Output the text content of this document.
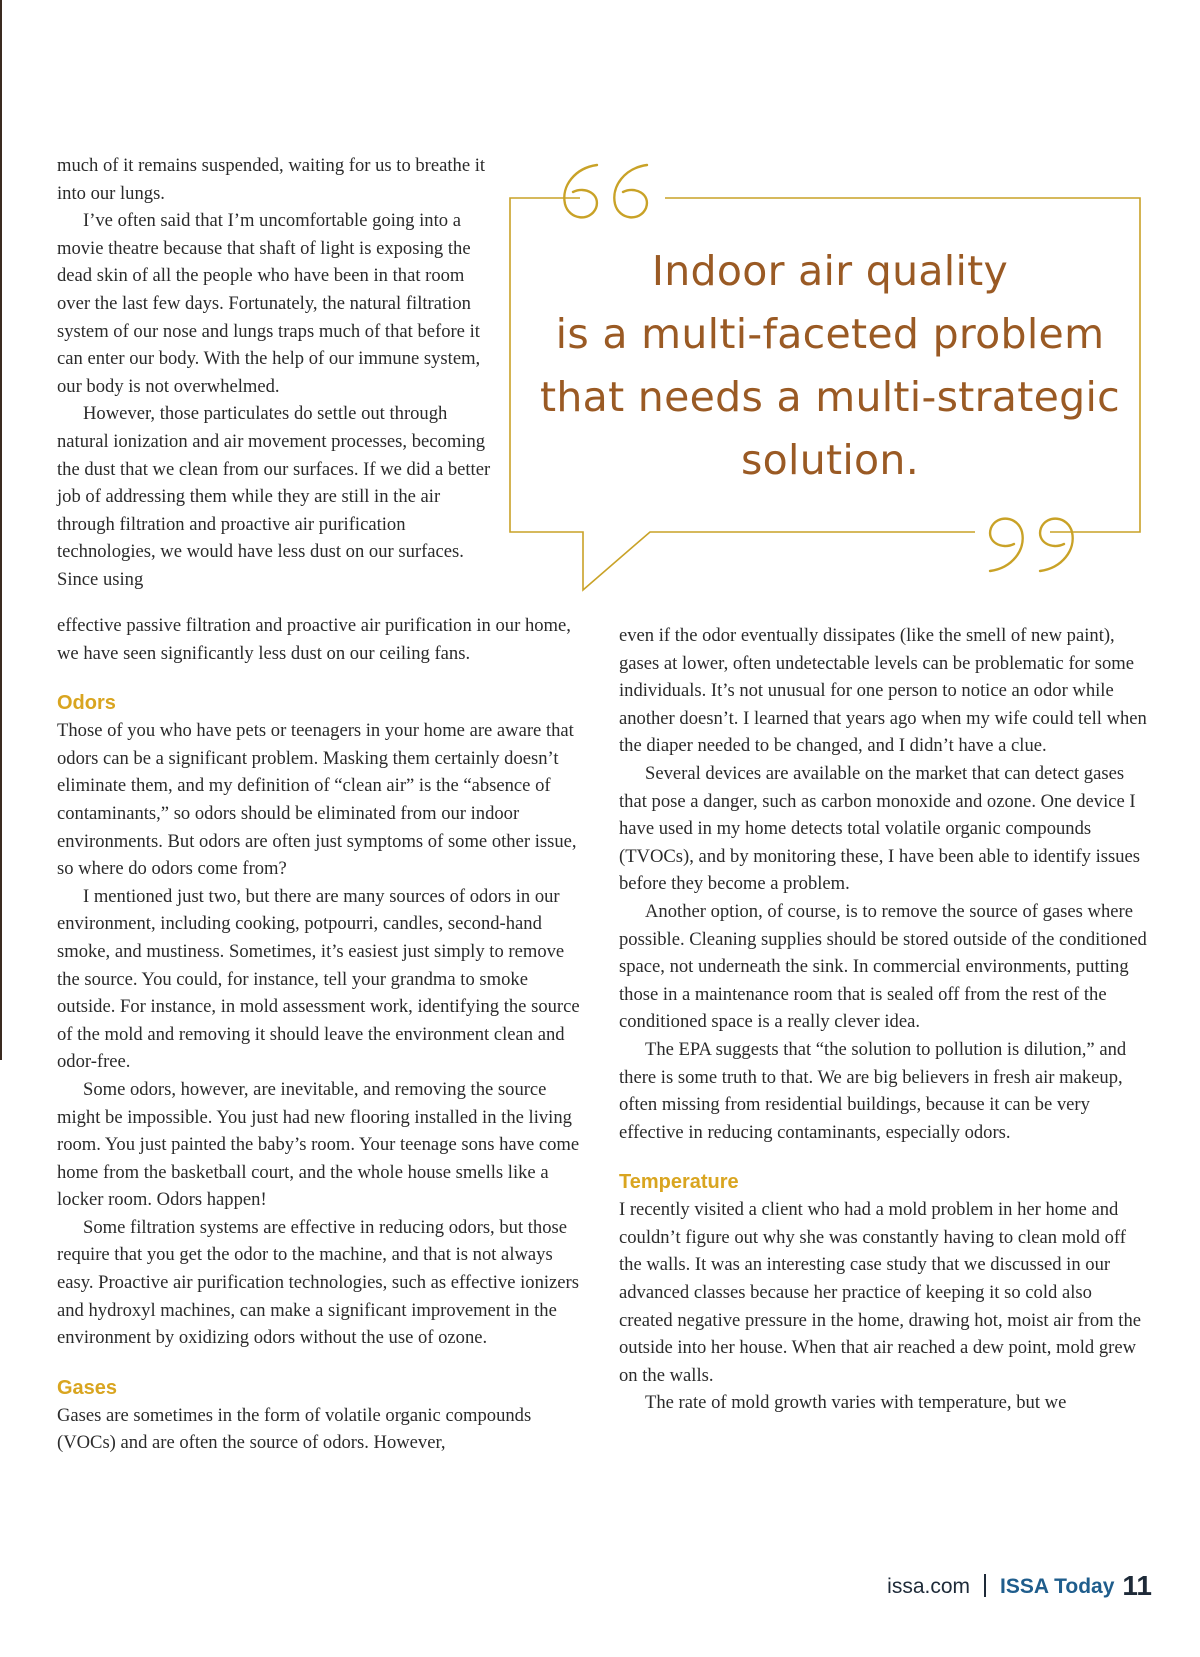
much of it remains suspended, waiting for us to breathe it into our lungs.

I’ve often said that I’m uncomfortable going into a movie theatre because that shaft of light is exposing the dead skin of all the people who have been in that room over the last few days. Fortunately, the natural filtration system of our nose and lungs traps much of that before it can enter our body. With the help of our immune system, our body is not overwhelmed.

However, those particulates do settle out through natural ionization and air movement processes, becoming the dust that we clean from our surfaces. If we did a better job of addressing them while they are still in the air through filtration and proactive air purification technologies, we would have less dust on our surfaces. Since using

Indoor air quality
is a multi-faceted problem
that needs a multi-strategic
solution.

effective passive filtration and proactive air purification in our home, we have seen significantly less dust on our ceiling fans.

Odors

Those of you who have pets or teenagers in your home are aware that odors can be a significant problem. Masking them certainly doesn’t eliminate them, and my definition of “clean air” is the “absence of contaminants,” so odors should be eliminated from our indoor environments. But odors are often just symptoms of some other issue, so where do odors come from?

I mentioned just two, but there are many sources of odors in our environment, including cooking, potpourri, candles, second-hand smoke, and mustiness. Sometimes, it’s easiest just simply to remove the source. You could, for instance, tell your grandma to smoke outside. For instance, in mold assessment work, identifying the source of the mold and removing it should leave the environment clean and odor-free.

Some odors, however, are inevitable, and removing the source might be impossible. You just had new flooring installed in the living room. You just painted the baby’s room. Your teenage sons have come home from the basketball court, and the whole house smells like a locker room. Odors happen!

Some filtration systems are effective in reducing odors, but those require that you get the odor to the machine, and that is not always easy. Proactive air purification technologies, such as effective ionizers and hydroxyl machines, can make a significant improvement in the environment by oxidizing odors without the use of ozone.

Gases

Gases are sometimes in the form of volatile organic compounds (VOCs) and are often the source of odors. However,

even if the odor eventually dissipates (like the smell of new paint), gases at lower, often undetectable levels can be problematic for some individuals. It’s not unusual for one person to notice an odor while another doesn’t. I learned that years ago when my wife could tell when the diaper needed to be changed, and I didn’t have a clue.

Several devices are available on the market that can detect gases that pose a danger, such as carbon monoxide and ozone. One device I have used in my home detects total volatile organic compounds (TVOCs), and by monitoring these, I have been able to identify issues before they become a problem.

Another option, of course, is to remove the source of gases where possible. Cleaning supplies should be stored outside of the conditioned space, not underneath the sink. In commercial environments, putting those in a maintenance room that is sealed off from the rest of the conditioned space is a really clever idea.

The EPA suggests that “the solution to pollution is dilution,” and there is some truth to that. We are big believers in fresh air makeup, often missing from residential buildings, because it can be very effective in reducing contaminants, especially odors.

Temperature

I recently visited a client who had a mold problem in her home and couldn’t figure out why she was constantly having to clean mold off the walls. It was an interesting case study that we discussed in our advanced classes because her practice of keeping it so cold also created negative pressure in the home, drawing hot, moist air from the outside into her house. When that air reached a dew point, mold grew on the walls.

The rate of mold growth varies with temperature, but we

issa.com ISSA Today 11
